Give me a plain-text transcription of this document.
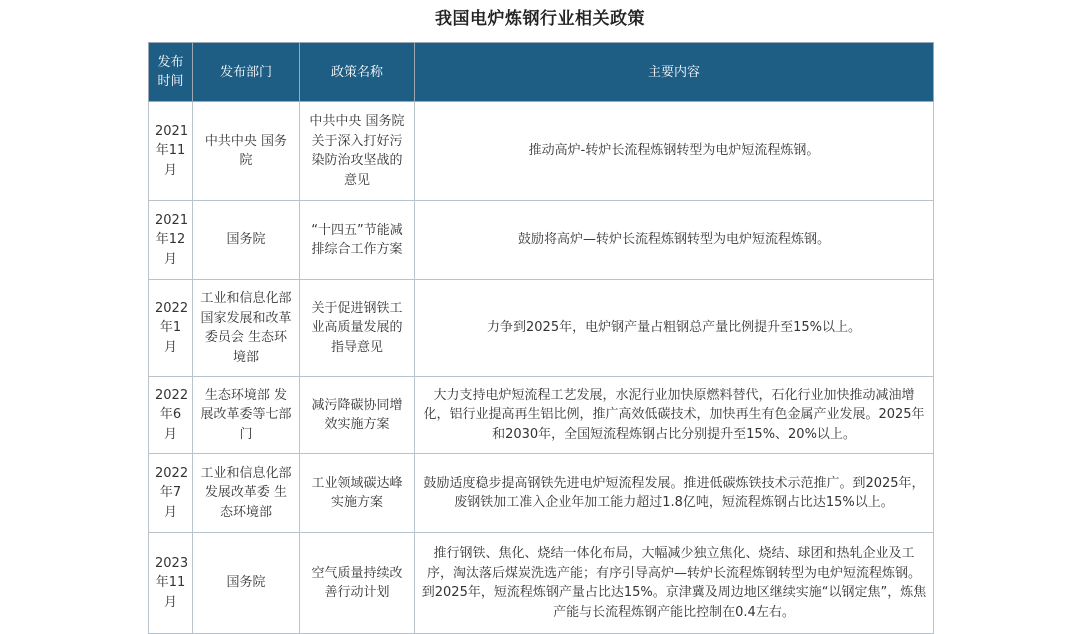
我国电炉炼钢行业相关政策
发布时间	发布部门	政策名称	主要内容
2021年11月	中共中央 国务院	中共中央 国务院关于深入打好污染防治攻坚战的意见	推动高炉-转炉长流程炼钢转型为电炉短流程炼钢。
2021年12月	国务院	“十四五”节能减排综合工作方案	鼓励将高炉—转炉长流程炼钢转型为电炉短流程炼钢。
2022年1月	工业和信息化部 国家发展和改革委员会 生态环境部	关于促进钢铁工业高质量发展的指导意见	力争到2025年，电炉钢产量占粗钢总产量比例提升至15%以上。
2022年6月	生态环境部 发展改革委等七部门	减污降碳协同增效实施方案	大力支持电炉短流程工艺发展，水泥行业加快原燃料替代，石化行业加快推动减油增化，铝行业提高再生铝比例，推广高效低碳技术，加快再生有色金属产业发展。2025年和2030年，全国短流程炼钢占比分别提升至15%、20%以上。
2022年7月	工业和信息化部 发展改革委 生态环境部	工业领域碳达峰实施方案	鼓励适度稳步提高钢铁先进电炉短流程发展。推进低碳炼铁技术示范推广。到2025年，废钢铁加工准入企业年加工能力超过1.8亿吨，短流程炼钢占比达15%以上。
2023年11月	国务院	空气质量持续改善行动计划	推行钢铁、焦化、烧结一体化布局，大幅减少独立焦化、烧结、球团和热轧企业及工序，淘汰落后煤炭洗选产能；有序引导高炉—转炉长流程炼钢转型为电炉短流程炼钢。到2025年，短流程炼钢产量占比达15%。京津冀及周边地区继续实施“以钢定焦”，炼焦产能与长流程炼钢产能比控制在0.4左右。
